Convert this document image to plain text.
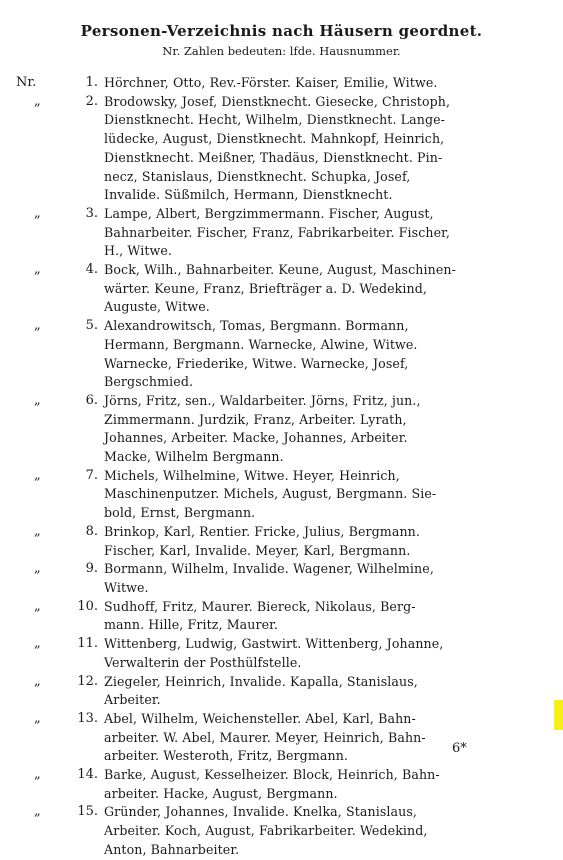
Personen-Verzeichnis nach Häusern geordnet.
Nr. Zahlen bedeuten: lfde. Hausnummer.
Nr.	1. Hörchner, Otto, Rev.-Förster. Kaiser, Emilie, Witwe.
„	2. Brodowsky, Josef, Dienstknecht. Giesecke, Christoph,
Dienstknecht. Hecht, Wilhelm, Dienstknecht. Lange-
lüdecke, August, Dienstknecht. Mahnkopf, Heinrich,
Dienstknecht. Meißner, Thadäus, Dienstknecht. Pin-
necz, Stanislaus, Dienstknecht. Schupka, Josef,
Invalide. Süßmilch, Hermann, Dienstknecht.
„	3. Lampe, Albert, Bergzimmermann. Fischer, August,
Bahnarbeiter. Fischer, Franz, Fabrikarbeiter. Fischer,
H., Witwe.
„	4. Bock, Wilh., Bahnarbeiter. Keune, August, Maschinen-
wärter. Keune, Franz, Briefträger a. D. Wedekind,
Auguste, Witwe.
„	5. Alexandrowitsch, Tomas, Bergmann. Bormann,
Hermann, Bergmann. Warnecke, Alwine, Witwe.
Warnecke, Friederike, Witwe. Warnecke, Josef,
Bergschmied.
„	6. Jörns, Fritz, sen., Waldarbeiter. Jörns, Fritz, jun.,
Zimmermann. Jurdzik, Franz, Arbeiter. Lyrath,
Johannes, Arbeiter. Macke, Johannes, Arbeiter.
Macke, Wilhelm Bergmann.
„	7. Michels, Wilhelmine, Witwe. Heyer, Heinrich,
Maschinenputzer. Michels, August, Bergmann. Sie-
bold, Ernst, Bergmann.
„	8. Brinkop, Karl, Rentier. Fricke, Julius, Bergmann.
Fischer, Karl, Invalide. Meyer, Karl, Bergmann.
„	9. Bormann, Wilhelm, Invalide. Wagener, Wilhelmine,
Witwe.
„	10. Sudhoff, Fritz, Maurer. Biereck, Nikolaus, Berg-
mann. Hille, Fritz, Maurer.
„	11. Wittenberg, Ludwig, Gastwirt. Wittenberg, Johanne,
Verwalterin der Posthülfstelle.
„	12. Ziegeler, Heinrich, Invalide. Kapalla, Stanislaus,
Arbeiter.
„	13. Abel, Wilhelm, Weichensteller. Abel, Karl, Bahn-
arbeiter. W. Abel, Maurer. Meyer, Heinrich, Bahn-
arbeiter. Westeroth, Fritz, Bergmann.
„	14. Barke, August, Kesselheizer. Block, Heinrich, Bahn-
arbeiter. Hacke, August, Bergmann.
„	15. Gründer, Johannes, Invalide. Knelka, Stanislaus,
Arbeiter. Koch, August, Fabrikarbeiter. Wedekind,
Anton, Bahnarbeiter.
6*
